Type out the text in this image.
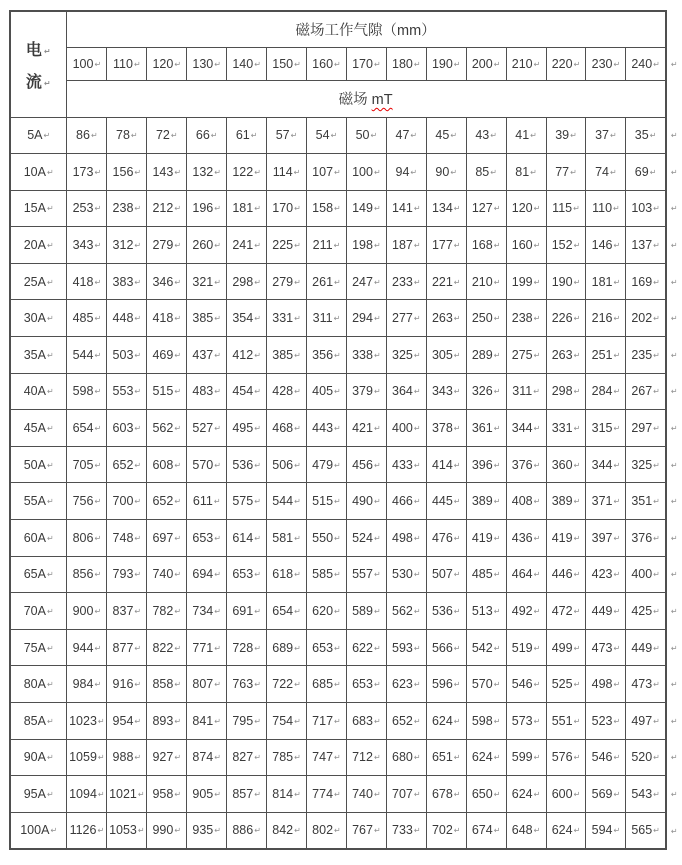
电↵
流↵	磁场工作气隙（mm）															
	100↵	110↵	120↵	130↵	140↵	150↵	160↵	170↵	180↵	190↵	200↵	210↵	220↵	230↵	240↵	↵
	磁场 mT															
5A↵	86↵	78↵	72↵	66↵	61↵	57↵	54↵	50↵	47↵	45↵	43↵	41↵	39↵	37↵	35↵	↵
10A↵	173↵	156↵	143↵	132↵	122↵	114↵	107↵	100↵	94↵	90↵	85↵	81↵	77↵	74↵	69↵	↵
15A↵	253↵	238↵	212↵	196↵	181↵	170↵	158↵	149↵	141↵	134↵	127↵	120↵	115↵	110↵	103↵	↵
20A↵	343↵	312↵	279↵	260↵	241↵	225↵	211↵	198↵	187↵	177↵	168↵	160↵	152↵	146↵	137↵	↵
25A↵	418↵	383↵	346↵	321↵	298↵	279↵	261↵	247↵	233↵	221↵	210↵	199↵	190↵	181↵	169↵	↵
30A↵	485↵	448↵	418↵	385↵	354↵	331↵	311↵	294↵	277↵	263↵	250↵	238↵	226↵	216↵	202↵	↵
35A↵	544↵	503↵	469↵	437↵	412↵	385↵	356↵	338↵	325↵	305↵	289↵	275↵	263↵	251↵	235↵	↵
40A↵	598↵	553↵	515↵	483↵	454↵	428↵	405↵	379↵	364↵	343↵	326↵	311↵	298↵	284↵	267↵	↵
45A↵	654↵	603↵	562↵	527↵	495↵	468↵	443↵	421↵	400↵	378↵	361↵	344↵	331↵	315↵	297↵	↵
50A↵	705↵	652↵	608↵	570↵	536↵	506↵	479↵	456↵	433↵	414↵	396↵	376↵	360↵	344↵	325↵	↵
55A↵	756↵	700↵	652↵	611↵	575↵	544↵	515↵	490↵	466↵	445↵	389↵	408↵	389↵	371↵	351↵	↵
60A↵	806↵	748↵	697↵	653↵	614↵	581↵	550↵	524↵	498↵	476↵	419↵	436↵	419↵	397↵	376↵	↵
65A↵	856↵	793↵	740↵	694↵	653↵	618↵	585↵	557↵	530↵	507↵	485↵	464↵	446↵	423↵	400↵	↵
70A↵	900↵	837↵	782↵	734↵	691↵	654↵	620↵	589↵	562↵	536↵	513↵	492↵	472↵	449↵	425↵	↵
75A↵	944↵	877↵	822↵	771↵	728↵	689↵	653↵	622↵	593↵	566↵	542↵	519↵	499↵	473↵	449↵	↵
80A↵	984↵	916↵	858↵	807↵	763↵	722↵	685↵	653↵	623↵	596↵	570↵	546↵	525↵	498↵	473↵	↵
85A↵	1023↵	954↵	893↵	841↵	795↵	754↵	717↵	683↵	652↵	624↵	598↵	573↵	551↵	523↵	497↵	↵
90A↵	1059↵	988↵	927↵	874↵	827↵	785↵	747↵	712↵	680↵	651↵	624↵	599↵	576↵	546↵	520↵	↵
95A↵	1094↵	1021↵	958↵	905↵	857↵	814↵	774↵	740↵	707↵	678↵	650↵	624↵	600↵	569↵	543↵	↵
100A↵	1126↵	1053↵	990↵	935↵	886↵	842↵	802↵	767↵	733↵	702↵	674↵	648↵	624↵	594↵	565↵	↵
